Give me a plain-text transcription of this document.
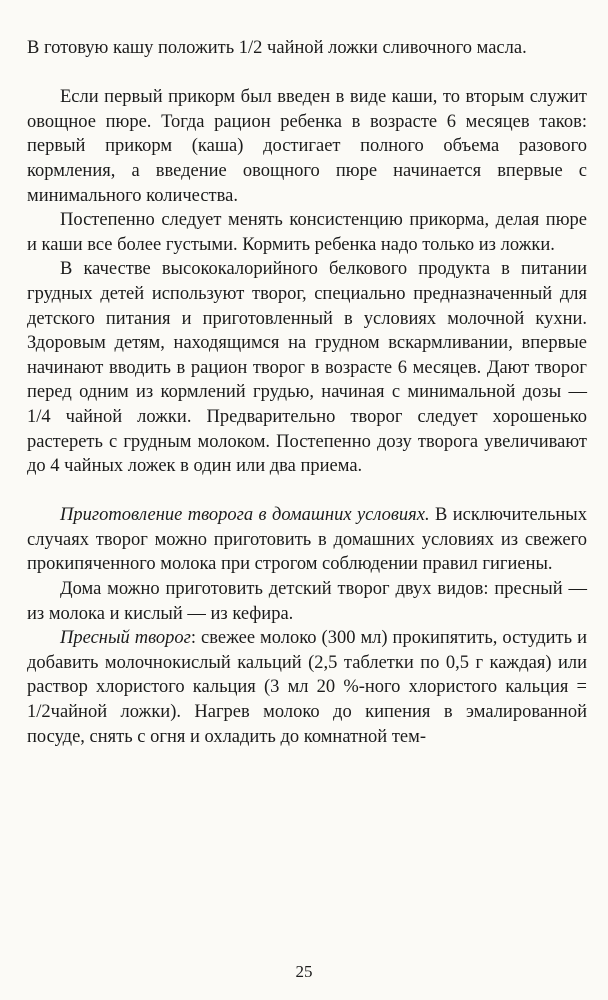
В готовую кашу положить 1/2 чайной ложки сливочного масла.

Если первый прикорм был введен в виде каши, то вторым служит овощное пюре. Тогда рацион ребенка в возрасте 6 месяцев таков: первый прикорм (каша) достигает полного объема разового кормления, а введение овощного пюре начинается впервые с минимального количества.

Постепенно следует менять консистенцию прикорма, делая пюре и каши все более густыми. Кормить ребенка надо только из ложки.

В качестве высококалорийного белкового продукта в питании грудных детей используют творог, специально предназначенный для детского питания и приготовленный в условиях молочной кухни. Здоровым детям, находящимся на грудном вскармливании, впервые начинают вводить в рацион творог в возрасте 6 месяцев. Дают творог перед одним из кормлений грудью, начиная с минимальной дозы — 1/4 чайной ложки. Предварительно творог следует хорошенько растереть с грудным молоком. Постепенно дозу творога увеличивают до 4 чайных ложек в один или два приема.

Приготовление творога в домашних условиях. В исключительных случаях творог можно приготовить в домашних условиях из свежего прокипяченного молока при строгом соблюдении правил гигиены.

Дома можно приготовить детский творог двух видов: пресный — из молока и кислый — из кефира.

Пресный творог: свежее молоко (300 мл) прокипятить, остудить и добавить молочнокислый кальций (2,5 таблетки по 0,5 г каждая) или раствор хлористого кальция (3 мл 20 %-ного хлористого кальция = 1/2чайной ложки). Нагрев молоко до кипения в эмалированной посуде, снять с огня и охладить до комнатной тем-

25
